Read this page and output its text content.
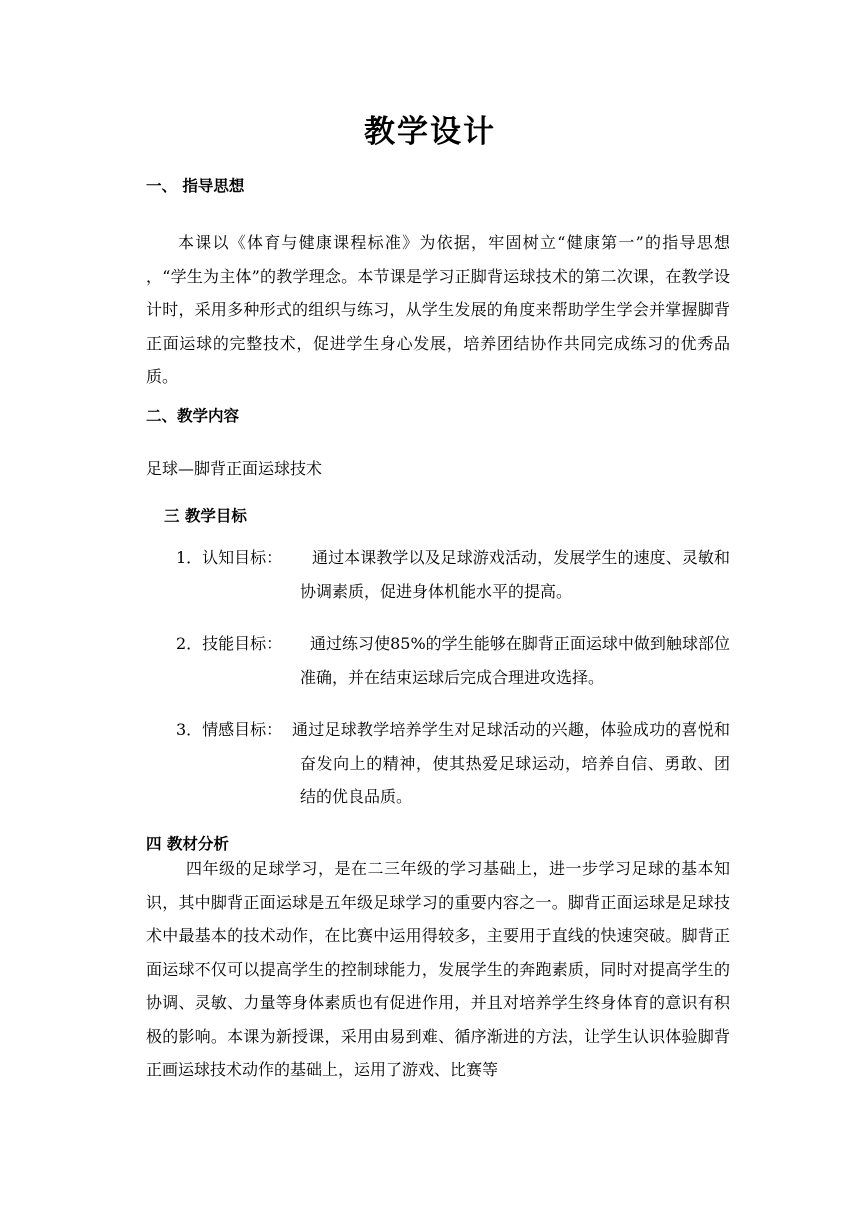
教学设计
一、 指导思想
本课以《体育与健康课程标准》为依据，牢固树立“健康第一”的指导思想 ，“学生为主体”的教学理念。本节课是学习正脚背运球技术的第二次课，在教学设计时，采用多种形式的组织与练习，从学生发展的角度来帮助学生学会并掌握脚背正面运球的完整技术，促进学生身心发展，培养团结协作共同完成练习的优秀品质。
二、教学内容
足球—脚背正面运球技术
三 教学目标
1．认知目标：	通过本课教学以及足球游戏活动，发展学生的速度、灵敏和协调素质，促进身体机能水平的提高。
2．技能目标：	通过练习使85%的学生能够在脚背正面运球中做到触球部位准确，并在结束运球后完成合理进攻选择。
3．情感目标： 通过足球教学培养学生对足球活动的兴趣，体验成功的喜悦和奋发向上的精神，使其热爱足球运动，培养自信、勇敢、团结的优良品质。
四 教材分析
四年级的足球学习，是在二三年级的学习基础上，进一步学习足球的基本知识，其中脚背正面运球是五年级足球学习的重要内容之一。脚背正面运球是足球技术中最基本的技术动作，在比赛中运用得较多，主要用于直线的快速突破。脚背正面运球不仅可以提高学生的控制球能力，发展学生的奔跑素质，同时对提高学生的协调、灵敏、力量等身体素质也有促进作用，并且对培养学生终身体育的意识有积极的影响。本课为新授课，采用由易到难、循序渐进的方法，让学生认识体验脚背正画运球技术动作的基础上，运用了游戏、比赛等
